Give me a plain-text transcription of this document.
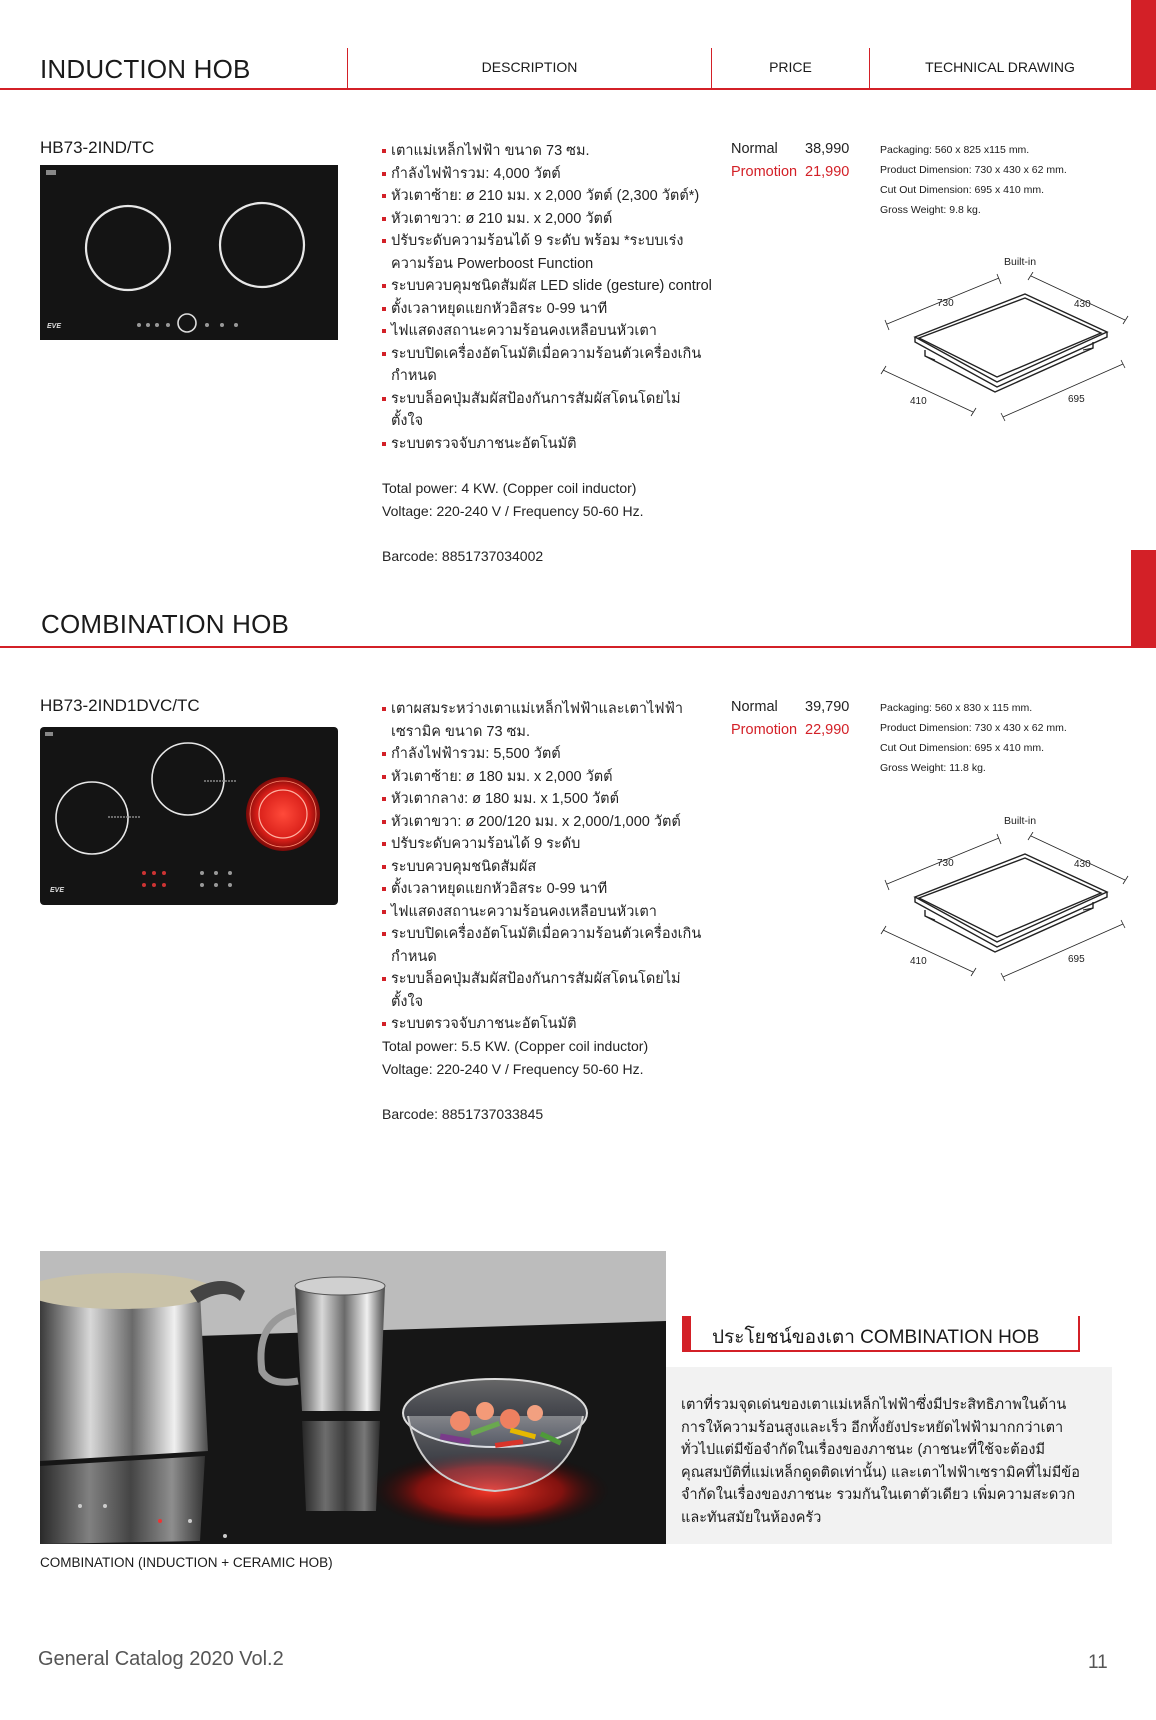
INDUCTION HOB	DESCRIPTION	PRICE	TECHNICAL DRAWING
HB73-2IND/TC
EVE
เตาแม่เหล็กไฟฟ้า ขนาด 73 ซม.
กำลังไฟฟ้ารวม: 4,000 วัตต์
หัวเตาซ้าย: ø 210 มม. x 2,000 วัตต์ (2,300 วัตต์*)
หัวเตาขวา: ø 210 มม. x 2,000 วัตต์
ปรับระดับความร้อนได้ 9 ระดับ พร้อม *ระบบเร่งความร้อน Powerboost Function
ระบบควบคุมชนิดสัมผัส LED slide (gesture) control
ตั้งเวลาหยุดแยกหัวอิสระ 0-99 นาที
ไฟแสดงสถานะความร้อนคงเหลือบนหัวเตา
ระบบปิดเครื่องอัตโนมัติเมื่อความร้อนตัวเครื่องเกินกำหนด
ระบบล็อคปุ่มสัมผัสป้องกันการสัมผัสโดนโดยไม่ตั้งใจ
ระบบตรวจจับภาชนะอัตโนมัติ
Total power: 4 KW. (Copper coil inductor)
Voltage: 220-240 V / Frequency 50-60 Hz.
Barcode: 8851737034002
Normal 38,990
Promotion 21,990
Packaging: 560 x 825 x115 mm.
Product Dimension: 730 x 430 x 62 mm.
Cut Out Dimension: 695 x 410 mm.
Gross Weight: 9.8 kg.
Built-in
730	430
410	695
COMBINATION HOB
HB73-2IND1DVC/TC
EVE
เตาผสมระหว่างเตาแม่เหล็กไฟฟ้าและเตาไฟฟ้าเซรามิค ขนาด 73 ซม.
กำลังไฟฟ้ารวม: 5,500 วัตต์
หัวเตาซ้าย: ø 180 มม. x 2,000 วัตต์
หัวเตากลาง: ø 180 มม. x 1,500 วัตต์
หัวเตาขวา: ø 200/120 มม. x 2,000/1,000 วัตต์
ปรับระดับความร้อนได้ 9 ระดับ
ระบบควบคุมชนิดสัมผัส
ตั้งเวลาหยุดแยกหัวอิสระ 0-99 นาที
ไฟแสดงสถานะความร้อนคงเหลือบนหัวเตา
ระบบปิดเครื่องอัตโนมัติเมื่อความร้อนตัวเครื่องเกินกำหนด
ระบบล็อคปุ่มสัมผัสป้องกันการสัมผัสโดนโดยไม่ตั้งใจ
ระบบตรวจจับภาชนะอัตโนมัติ
Total power: 5.5 KW. (Copper coil inductor)
Voltage: 220-240 V / Frequency 50-60 Hz.
Barcode: 8851737033845
Normal 39,790
Promotion 22,990
Packaging: 560 x 830 x 115 mm.
Product Dimension: 730 x 430 x 62 mm.
Cut Out Dimension: 695 x 410 mm.
Gross Weight: 11.8 kg.
Built-in
730	430
410	695
ประโยชน์ของเตา COMBINATION HOB
เตาที่รวมจุดเด่นของเตาแม่เหล็กไฟฟ้าซึ่งมีประสิทธิภาพในด้านการให้ความร้อนสูงและเร็ว อีกทั้งยังประหยัดไฟฟ้ามากกว่าเตาทั่วไปแต่มีข้อจำกัดในเรื่องของภาชนะ (ภาชนะที่ใช้จะต้องมีคุณสมบัติที่แม่เหล็กดูดติดเท่านั้น) และเตาไฟฟ้าเซรามิคที่ไม่มีข้อจำกัดในเรื่องของภาชนะ รวมกันในเตาตัวเดียว เพิ่มความสะดวกและทันสมัยในห้องครัว
COMBINATION (INDUCTION + CERAMIC HOB)
General Catalog 2020 Vol.2	11
